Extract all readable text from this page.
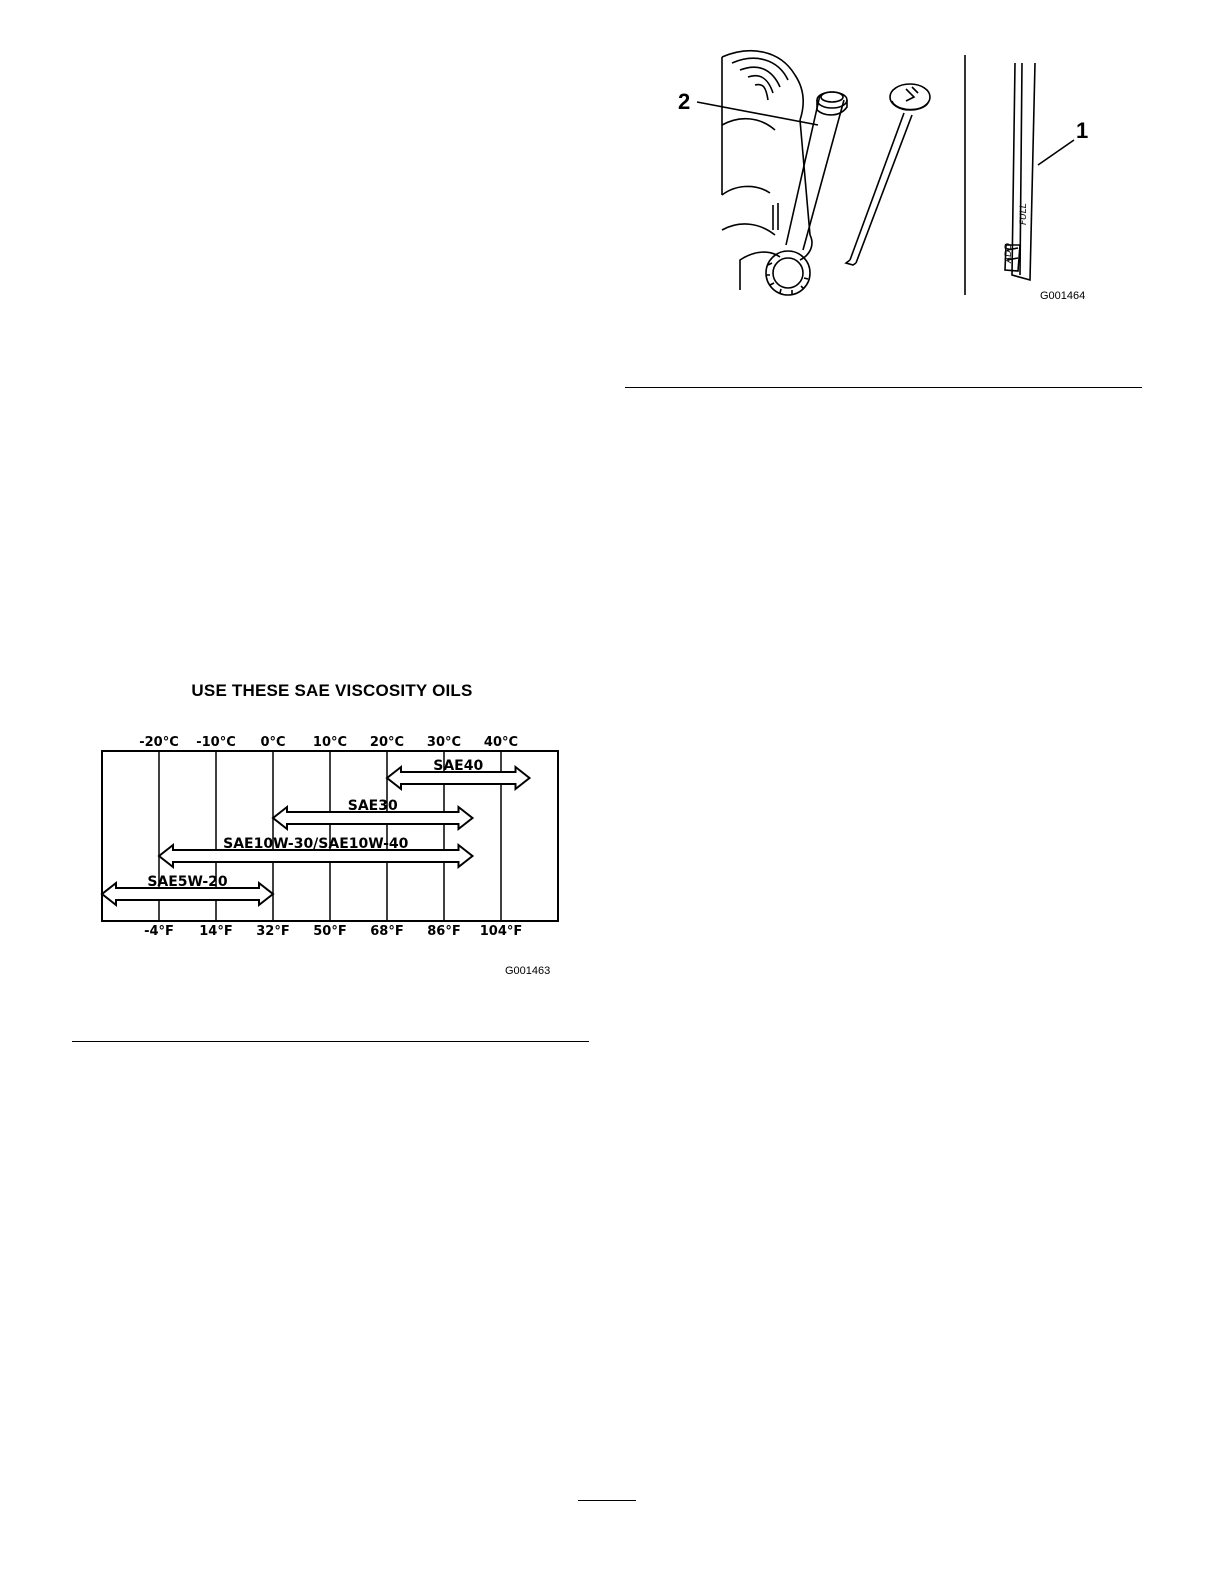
USE THESE SAE VISCOSITY OILS
-20°C -10°C 0°C 10°C 20°C 30°C 40°C
-4°F 14°F 32°F 50°F 68°F 86°F 104°F
SAE40
SAE30
SAE10W-30/SAE10W-40
SAE5W-20
G001463
2
1
ADD
FULL
G001464
